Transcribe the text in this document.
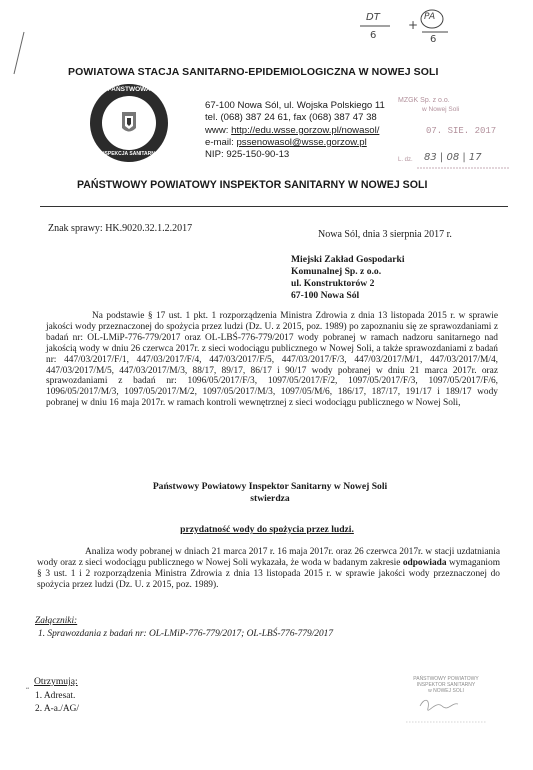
DT
6
+
PA
6
POWIATOWA STACJA SANITARNO-EPIDEMIOLOGICZNA W NOWEJ SOLI
PAŃSTWOWA
INSPEKCJA SANITARNA
67-100 Nowa Sól, ul. Wojska Polskiego 11
tel. (068) 387 24 61, fax (068) 387 47 38
www: http://edu.wsse.gorzow.pl/nowasol/
e-mail: pssenowasol@wsse.gorzow.pl
NIP: 925-150-90-13
MZGK Sp. z o.o.
w Nowej Soli
07. SIE. 2017
L. dz. 83 | 08 | 17
PAŃSTWOWY POWIATOWY INSPEKTOR SANITARNY W NOWEJ SOLI
Znak sprawy: HK.9020.32.1.2.2017
Nowa Sól, dnia 3 sierpnia 2017 r.
Miejski Zakład Gospodarki
Komunalnej Sp. z o.o.
ul. Konstruktorów 2
67-100 Nowa Sól
Na podstawie § 17 ust. 1 pkt. 1 rozporządzenia Ministra Zdrowia z dnia 13 listopada 2015 r. w sprawie jakości wody przeznaczonej do spożycia przez ludzi (Dz. U. z 2015, poz. 1989) po zapoznaniu się ze sprawozdaniami z badań nr: OL-LMiP-776-779/2017 oraz OL-LBŚ-776-779/2017 wody pobranej w ramach nadzoru sanitarnego nad jakością wody w dniu 26 czerwca 2017r. z sieci wodociągu publicznego w Nowej Soli, a także sprawozdaniami z badań nr: 447/03/2017/F/1, 447/03/2017/F/4, 447/03/2017/F/5, 447/03/2017/F/3, 447/03/2017/M/1, 447/03/2017/M/4, 447/03/2017/M/5, 447/03/2017/M/3, 88/17, 89/17, 86/17 i 90/17 wody pobranej w dniu 21 marca 2017r. oraz sprawozdaniami z badań nr: 1096/05/2017/F/3, 1097/05/2017/F/2, 1097/05/2017/F/3, 1097/05/2017/F/6, 1096/05/2017/M/3, 1097/05/2017/M/2, 1097/05/2017/M/3, 1097/05/M/6, 186/17, 187/17, 191/17 i 189/17 wody pobranej w dniu 16 maja 2017r. w ramach kontroli wewnętrznej z sieci wodociągu publicznego w Nowej Soli,
Państwowy Powiatowy Inspektor Sanitarny w Nowej Soli
stwierdza
przydatność wody do spożycia przez ludzi.
Analiza wody pobranej w dniach 21 marca 2017 r. 16 maja 2017r. oraz 26 czerwca 2017r. w stacji uzdatniania wody oraz z sieci wodociągu publicznego w Nowej Soli wykazała, że woda w badanym zakresie odpowiada wymaganiom § 3 ust. 1 i 2 rozporządzenia Ministra Zdrowia z dnia 13 listopada 2015 r. w sprawie jakości wody przeznaczonej do spożycia przez ludzi (Dz. U. z 2015, poz. 1989).
Załączniki:
1. Sprawozdania z badań nr: OL-LMiP-776-779/2017; OL-LBŚ-776-779/2017
Otrzymują:
1. Adresat.
2. A-a./AG/
“
PAŃSTWOWY POWIATOWY
INSPEKTOR SANITARNY
w NOWEJ SOLI
